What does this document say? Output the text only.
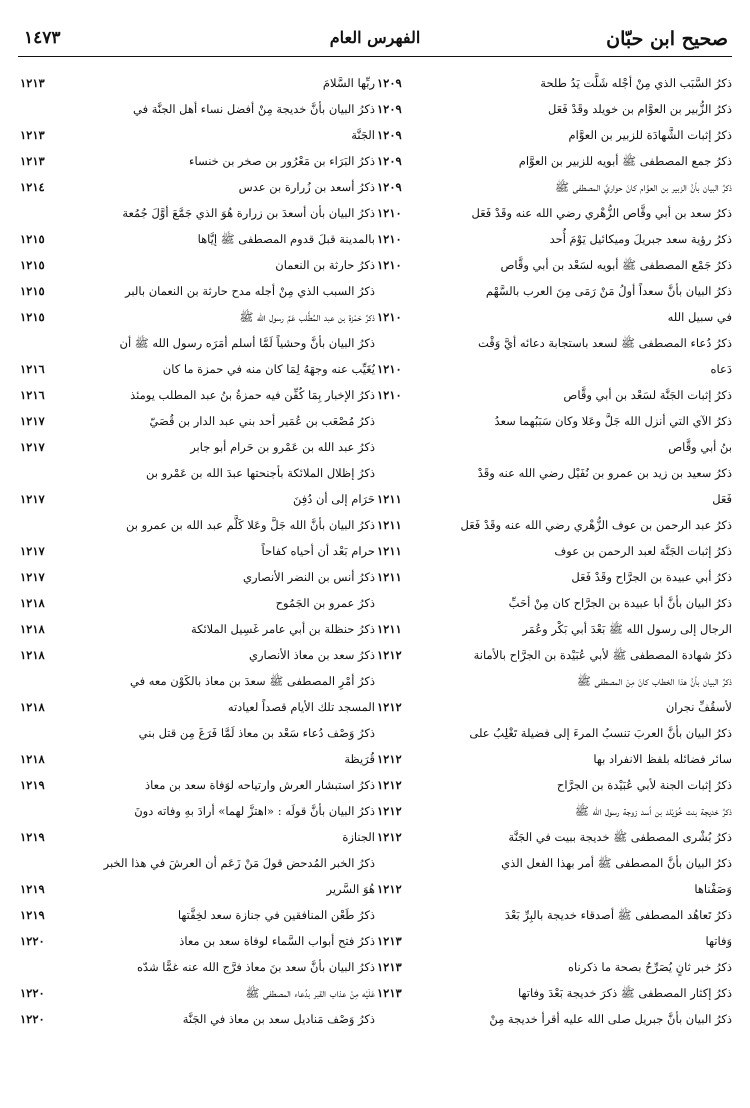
صحيح ابن حبّان
الفهرس العام
١٤٧٣
ذكرُ السَّبَب الذي مِنْ أجْله شَلَّت يَدُ طلحة
١٢٠٩
ذكرُ الزُّبير بن العوَّام بن خويلد وقَدْ فَعَل
١٢٠٩
ذكرُ إثبات الشَّهادَة للزبير بن العوَّام
١٢٠٩
ذكرُ جمع المصطفى ﷺ أبويه للزبير بن العوَّام
١٢٠٩
ذكرُ البيان بأنَّ الزبير بن العوَّام كانَ حواريَّ المصطفى ﷺ
١٢٠٩
ذكرُ سعد بن أبي وقَّاص الزُّهْري رضي الله عنه وقَدْ فَعَل
١٢١٠
ذكرُ رؤية سعد جبريلَ وميكائيل يَوْمَ أُحد
١٢١٠
ذكرُ جَمْع المصطفى ﷺ أبويه لسَعْد بن أبي وقَّاص
١٢١٠
ذكرُ البيان بأنَّ سعداً أولُ مَنْ رَمَى مِنَ العرب بالسَّهْم
في سبيل الله
١٢١٠
ذكرُ دُعاء المصطفى ﷺ لسعد باستجابة دعائه أيَّ وَقْت
دَعاه
١٢١٠
ذكرُ إثبات الجَنَّة لسَعْد بن أبي وقَّاص
١٢١٠
ذكرُ الآي التي أنزل الله جَلَّ وعَلا وكان سَبَبُهما سعدُ
بنُ أبي وقَّاص
ذكرُ سعيد بن زيد بن عمرو بن نُفَيْل رضي الله عنه وقَدْ
فَعَل
١٢١١
ذكرُ عبد الرحمن بن عوف الزُّهْري رضي الله عنه وقَدْ فَعَل
١٢١١
ذكرُ إثبات الجَنَّة لعبد الرحمن بن عوف
١٢١١
ذكرُ أبي عبيدة بن الجرَّاح وقَدْ فَعَل
١٢١١
ذكرُ البيان بأنَّ أبا عبيدة بن الجرَّاح كان مِنْ أحَبِّ
الرجال إلى رسول الله ﷺ بَعْدَ أبي بَكْر وعُمَر
١٢١١
ذكرُ شهادة المصطفى ﷺ لأبي عُبَيْدة بن الجرَّاح بالأمانة
١٢١٢
ذكرُ البيان بأنَّ هذا الخطاب كانَ مِنَ المصطفى ﷺ
لأسقُفِّ نجران
١٢١٢
ذكرُ البيان بأنَّ العربَ تنسبُ المرءَ إلى فضيلة تَغْلِبُ على
سائر فضائله بلفظ الانفراد بها
١٢١٢
ذكرُ إثبات الجنة لأبي عُبَيْدة بن الجرَّاح
١٢١٢
ذكرُ خديجة بنت خُوَيْلد بن أسد زوجة رسول الله ﷺ
١٢١٢
ذكرُ بُشْرى المصطفى ﷺ خديجة ببيت في الجَنَّة
١٢١٢
ذكرُ البيان بأنَّ المصطفى ﷺ أمر بهذا الفعل الذي
وَصَفْناها
١٢١٢
ذكرُ تَعاهُد المصطفى ﷺ أصدقاء خديجة بالبِرِّ بَعْدَ
وَفاتها
١٢١٣
ذكرُ خبر ثانٍ يُصَرِّحُ بصحة ما ذكرناه
١٢١٣
ذكرُ إكثار المصطفى ﷺ ذكرَ خديجة بَعْدَ وفاتها
١٢١٣
ذكرُ البيان بأنَّ جبريل صلى الله عليه أقرأ خديجة مِنْ
ربِّها السَّلامَ
١٢١٣
ذكرُ البيان بأنَّ خديجة مِنْ أفضل نساء أهل الجنَّة في
الجَنَّة
١٢١٣
ذكرُ البَرَاء بن مَعْرُور بن صخر بن خنساء
١٢١٣
ذكرُ أسعد بن زُرارة بن عدس
١٢١٤
ذكرُ البيان بأن أسعدَ بن زرارة هُوَ الذي جَمَّعَ أوَّلَ جُمُعة
بالمدينة قبلَ قدوم المصطفى ﷺ إيَّاها
١٢١٥
ذكرُ حارثة بن النعمان
١٢١٥
ذكرُ السبب الذي مِنْ أجله مدح حارثة بن النعمان بالبر
١٢١٥
ذكرُ حَمْزة بن عبد المُطَّلب عَمِّ رسول الله ﷺ
١٢١٥
ذكرُ البيان بأنَّ وحشياً لَمَّا أسلم أمَرَه رسول الله ﷺ أن
يُغَيِّب عنه وجهَهُ لِمَا كان منه في حمزة ما كان
١٢١٦
ذكرُ الإخبار بِمَا كُفِّن فيه حمزةُ بنُ عبد المطلب يومئذ
١٢١٦
ذكرُ مُصْعَب بن عُمَير أحد بني عبد الدار بن قُصَيّ
١٢١٧
ذكرُ عبد الله بن عَمْرو بن حَرام أبو جابر
١٢١٧
ذكرُ إظلال الملائكة بأجنحتها عبدَ الله بن عَمْرو بن
حَرَام إلى أن دُفِنَ
١٢١٧
ذكرُ البيان بأنَّ الله جَلَّ وعَلا كَلَّم عبد الله بن عمرو بن
حرام بَعْد أن أحياه كفاحاً
١٢١٧
ذكرُ أنس بن النضر الأنصاري
١٢١٧
ذكرُ عمرو بن الجَمُوح
١٢١٨
ذكرُ حنظلة بن أبي عامر غَسِيل الملائكة
١٢١٨
ذكرُ سعد بن معاذ الأنصاري
١٢١٨
ذكرُ أمْرِ المصطفى ﷺ سعدَ بن معاذ بالكَوْن معه في
المسجد تلك الأيام قصداً لعيادته
١٢١٨
ذكرُ وَصْف دُعاء سَعْد بن معاذ لَمَّا فَرَغَ مِن قتل بني
قُرَيظة
١٢١٨
ذكرُ استبشار العرش وارتياحه لوَفاة سعد بن معاذ
١٢١٩
ذكرُ البيان بأنَّ قولَه : «اهتزَّ لهما» أرادَ بهِ وفاته دونَ
الجنازة
١٢١٩
ذكرُ الخبر المُدحض قولَ مَنْ زَعَم أن العرشَ في هذا الخبر
هُوَ السَّرير
١٢١٩
ذكرُ طَعْن المنافقين في جنازة سعد لخِفَّتها
١٢١٩
ذكرُ فتح أبواب السَّماء لوفاة سعد بن معاذ
١٢٢٠
ذكرُ البيان بأنَّ سعد بنَ معاذ فرَّج الله عنه غمًّا شدّه
عَلَيْه مِنْ عذاب القبر بدُعاء المصطفى ﷺ
١٢٢٠
ذكرُ وَصْف مَناديل سعد بن معاذ في الجَنَّة
١٢٢٠
